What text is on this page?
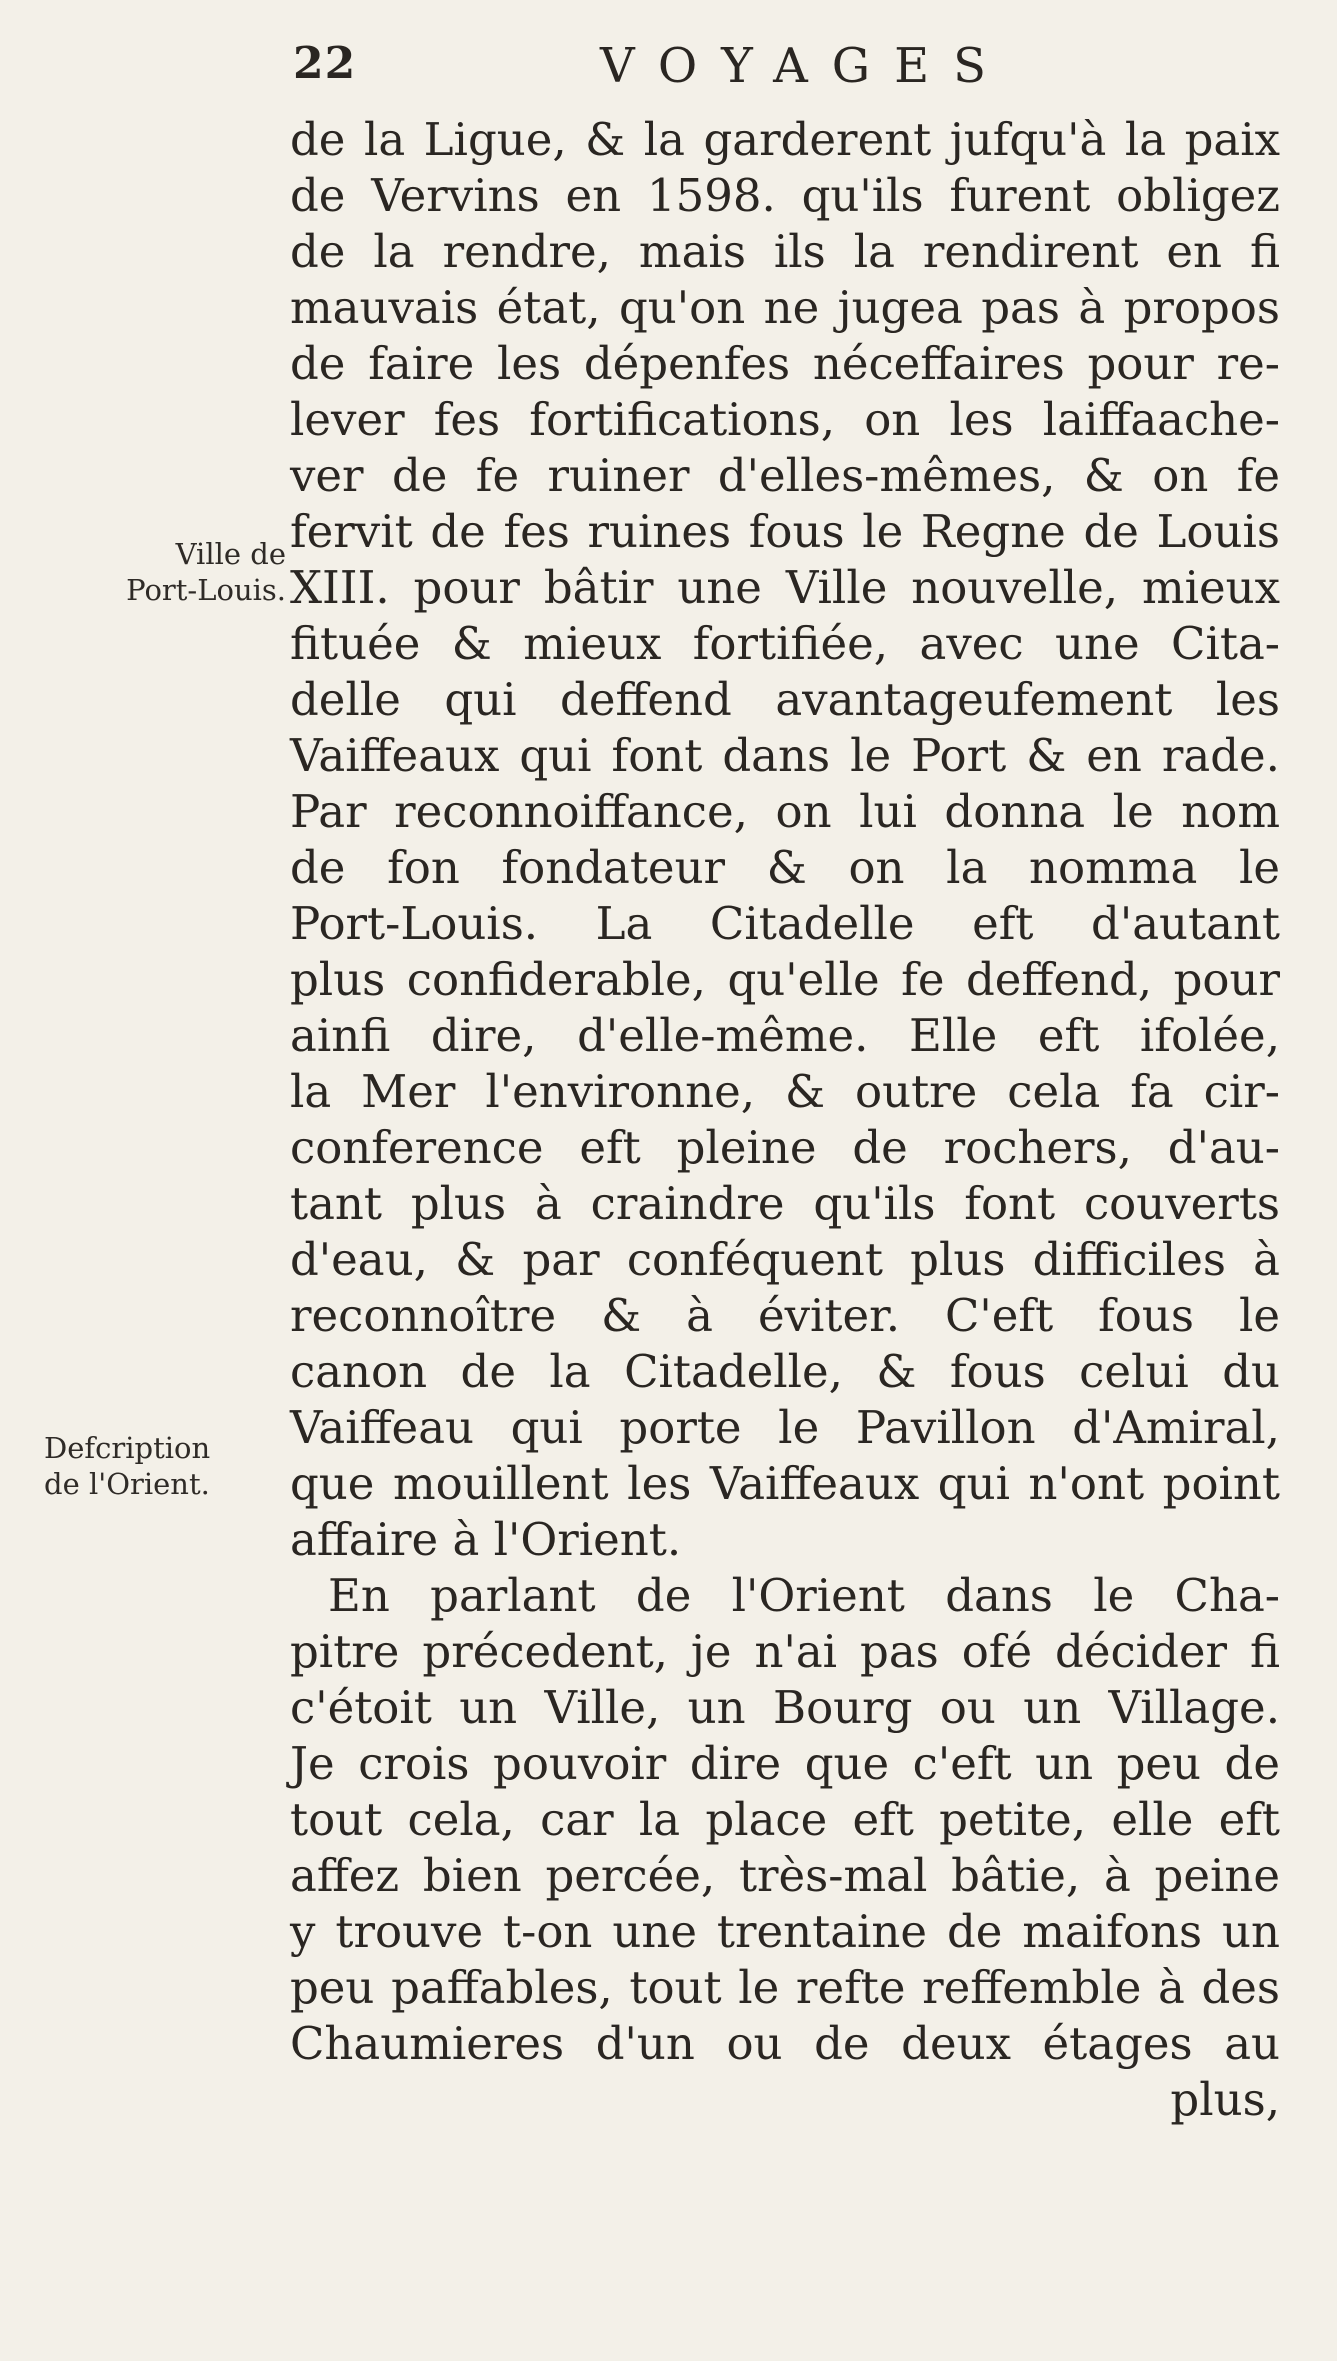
22	VOYAGES
Ville de
Port-Louis.
Defcription
de l'Orient.
de la Ligue, & la garderent jufqu'à la paix
de Vervins en 1598. qu'ils furent obligez
de la rendre, mais ils la rendirent en fi
mauvais état, qu'on ne jugea pas à propos
de faire les dépenfes néceffaires pour re-
lever fes fortifications, on les laiffaache-
ver de fe ruiner d'elles-mêmes, & on fe
fervit de fes ruines fous le Regne de Louis
XIII. pour bâtir une Ville nouvelle, mieux
fituée & mieux fortifiée, avec une Cita-
delle qui deffend avantageufement les
Vaiffeaux qui font dans le Port & en rade.
Par reconnoiffance, on lui donna le nom
de fon fondateur & on la nomma le
Port-Louis. La Citadelle eft d'autant
plus confiderable, qu'elle fe deffend, pour
ainfi dire, d'elle-même. Elle eft ifolée,
la Mer l'environne, & outre cela fa cir-
conference eft pleine de rochers, d'au-
tant plus à craindre qu'ils font couverts
d'eau, & par conféquent plus difficiles à
reconnoître & à éviter. C'eft fous le
canon de la Citadelle, & fous celui du
Vaiffeau qui porte le Pavillon d'Amiral,
que mouillent les Vaiffeaux qui n'ont point
affaire à l'Orient.
En parlant de l'Orient dans le Cha-
pitre précedent, je n'ai pas ofé décider fi
c'étoit un Ville, un Bourg ou un Village.
Je crois pouvoir dire que c'eft un peu de
tout cela, car la place eft petite, elle eft
affez bien percée, très-mal bâtie, à peine
y trouve t-on une trentaine de maifons un
peu paffables, tout le refte reffemble à des
Chaumieres d'un ou de deux étages au
plus,
